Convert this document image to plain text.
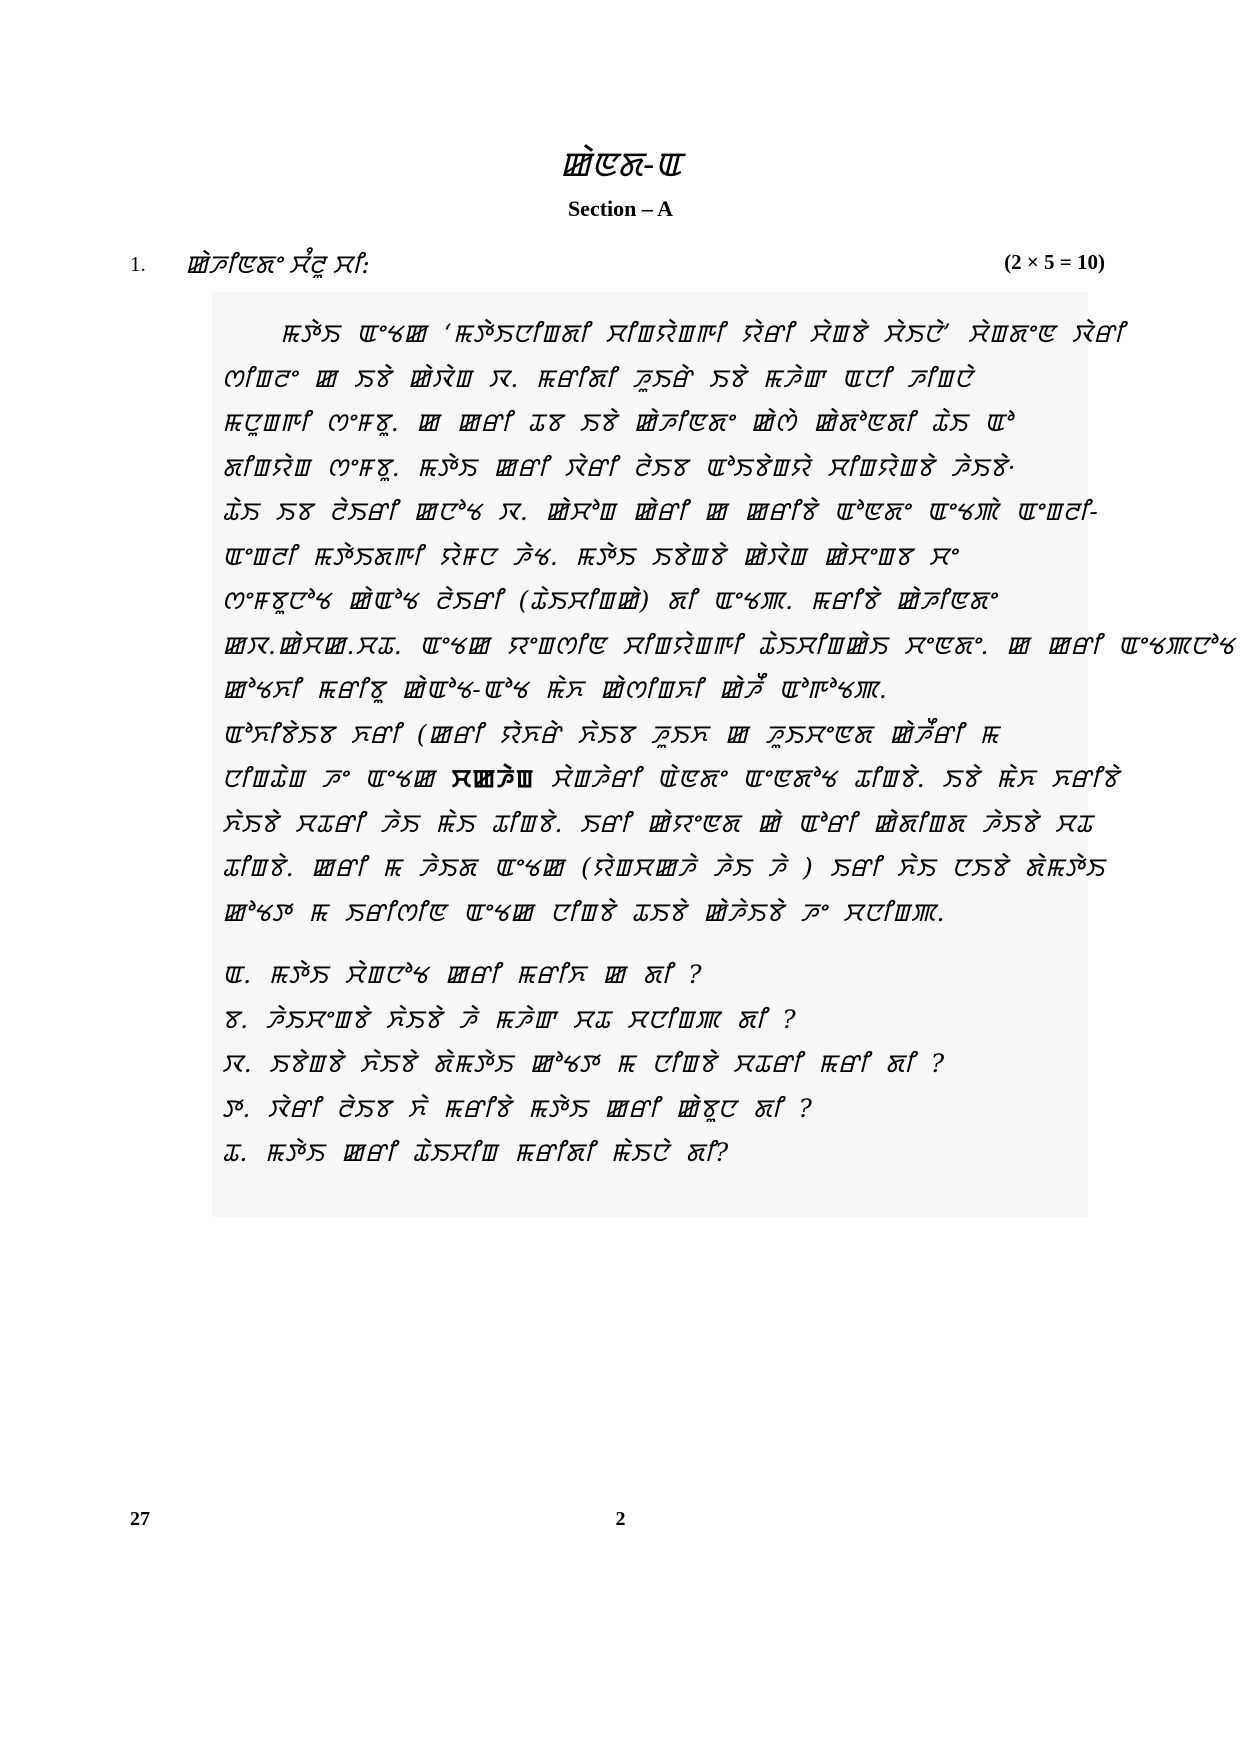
ꯀꯥꯟꯗ-ꯑ
Section – A
1. ꯀꯥꯍꯤꯟꯗꯦ ꯆꯪꯂꯨ ꯆꯤ:	(2 × 5 = 10)
ꯃꯇꯥꯏ ꯑꯦꯠꯀ ‘ꯃꯇꯥꯏꯅꯤꯡꯗꯤ ꯆꯤꯡꯌꯥꯡꯒꯤ ꯌꯥꯔꯤ ꯆꯥꯡꯕꯥ ꯆꯥꯏꯅꯥ’ ꯆꯥꯡꯗꯦꯟ ꯋꯥꯔꯤ
ꯁꯤꯡꯂꯦ ꯀ ꯏꯕꯥ ꯀꯥꯋꯥꯡ ꯋ. ꯃꯔꯤꯗꯤ ꯍꯨꯏꯔꯥ ꯏꯕꯥ ꯃꯍꯥꯛ ꯑꯅꯤ ꯍꯤꯡꯅꯥ
ꯃꯅꯨꯡꯒꯤ ꯁꯦꯝꯕꯨ. ꯀ ꯀꯔꯤ ꯊꯕ ꯏꯕꯥ ꯀꯥꯍꯤꯟꯗꯦ ꯀꯥꯁꯥ ꯀꯥꯗꯣꯟꯗꯤ ꯊꯥꯏ ꯑꯣ
ꯗꯤꯡꯌꯥꯡ ꯁꯦꯝꯕꯨ. ꯃꯇꯥꯏ ꯀꯔꯤ ꯋꯥꯔꯤ ꯂꯥꯏꯕ ꯑꯣꯏꯕꯥꯡꯌꯥ ꯆꯤꯡꯌꯥꯡꯕꯥ ꯍꯥꯏꯕꯥ·
ꯊꯥꯏ ꯏꯕ ꯂꯥꯏꯔꯤ ꯀꯅꯣꯠ ꯋ. ꯀꯥꯆꯣꯡ ꯀꯥꯔꯤ ꯀ ꯀꯔꯤꯕꯥ ꯑꯣꯟꯗꯦ ꯑꯦꯠꯄꯥ ꯑꯦꯡꯂꯤ-
ꯑꯦꯡꯂꯤ ꯃꯇꯥꯏꯗꯒꯤ ꯌꯥꯝꯅ ꯍꯥꯠ. ꯃꯇꯥꯏ ꯏꯕꯥꯡꯕꯥ ꯀꯥꯋꯥꯡ ꯀꯥꯆꯦꯡꯕ ꯆꯦ
ꯁꯦꯝꯕꯨꯅꯣꯠ ꯀꯥꯑꯣꯠ ꯂꯥꯏꯔꯤ (ꯊꯥꯏꯆꯤꯡꯀꯥ) ꯗꯤ ꯑꯦꯠꯄ. ꯃꯔꯤꯕꯥ ꯀꯥꯍꯤꯟꯗꯦ
ꯀꯋ.ꯀꯥꯆꯀ.ꯆꯊ. ꯑꯦꯠꯀ ꯌꯦꯡꯁꯤꯟ ꯆꯤꯡꯌꯥꯡꯒꯤ ꯊꯥꯏꯆꯤꯡꯀꯥꯏ ꯆꯦꯟꯗꯦ. ꯀ ꯀꯔꯤ ꯑꯦꯠꯄꯅꯣꯠ
ꯀꯣꯠꯈꯤ ꯃꯔꯤꯕꯨ ꯀꯥꯑꯣꯠ-ꯑꯣꯠ ꯃꯥꯈ ꯀꯥꯁꯤꯡꯈꯤ ꯀꯥꯍꯩ ꯑꯣꯒꯣꯠꯄ.
ꯑꯣꯈꯤꯕꯥꯏꯕ ꯈꯔꯤ (ꯀꯔꯤ ꯌꯥꯈꯔꯥ ꯈꯥꯏꯕ ꯍꯨꯏꯈ ꯀ ꯍꯨꯏꯆꯦꯟꯗ ꯀꯥꯍꯩꯔꯤ ꯃ
ꯅꯤꯡꯊꯥꯡ ꯍꯦ ꯑꯦꯠꯀ ꯆꯀꯍꯥꯡ ꯆꯥꯡꯍꯥꯔꯤ ꯑꯥꯟꯗꯦ ꯑꯦꯟꯗꯣꯠ ꯊꯤꯡꯕꯥ. ꯏꯕꯥ ꯃꯥꯈ ꯈꯔꯤꯕꯥ
ꯈꯥꯏꯕꯥ ꯆꯊꯔꯤ ꯍꯥꯏ ꯃꯥꯏ ꯊꯤꯡꯕꯥ. ꯏꯔꯤ ꯀꯥꯌꯦꯟꯗ ꯀꯥ ꯑꯣꯔꯤ ꯀꯥꯗꯤꯡꯗ ꯍꯥꯏꯕꯥ ꯆꯊ
ꯊꯤꯡꯕꯥ. ꯀꯔꯤ ꯃ ꯍꯥꯏꯗ ꯑꯦꯠꯀ (ꯌꯥꯡꯆꯀꯍꯥ ꯍꯥꯏ ꯍꯥ ) ꯏꯔꯤ ꯈꯥꯏ ꯅꯏꯕꯥ ꯗꯥꯃꯇꯥꯏ
ꯀꯣꯠꯇ ꯃ ꯏꯔꯤꯁꯤꯟ ꯑꯦꯠꯀ ꯅꯤꯡꯕꯥ ꯊꯏꯕꯥ ꯀꯥꯍꯥꯏꯕꯥ ꯍꯦ ꯆꯅꯤꯡꯄ.
ꯑ. ꯃꯇꯥꯏ ꯆꯥꯡꯅꯣꯠ ꯀꯔꯤ ꯃꯔꯤꯈ ꯀ ꯗꯤ ?
ꯕ. ꯍꯥꯏꯆꯦꯡꯕꯥ ꯈꯥꯏꯕꯥ ꯍꯥ ꯃꯍꯥꯛ ꯆꯊ ꯆꯅꯤꯡꯄ ꯗꯤ ?
ꯋ. ꯏꯕꯥꯡꯕꯥ ꯈꯥꯏꯕꯥ ꯗꯥꯃꯇꯥꯏ ꯀꯣꯠꯇ ꯃ ꯅꯤꯡꯕꯥ ꯆꯊꯔꯤ ꯃꯔꯤ ꯗꯤ ?
ꯇ. ꯋꯥꯔꯤ ꯂꯥꯏꯕ ꯈꯥ ꯃꯔꯤꯕꯥ ꯃꯇꯥꯏ ꯀꯔꯤ ꯀꯥꯕꯨꯅ ꯗꯤ ?
ꯊ. ꯃꯇꯥꯏ ꯀꯔꯤ ꯊꯥꯏꯆꯤꯡ ꯃꯔꯤꯗꯤ ꯃꯥꯏꯅꯥ ꯗꯤ?
27	2
